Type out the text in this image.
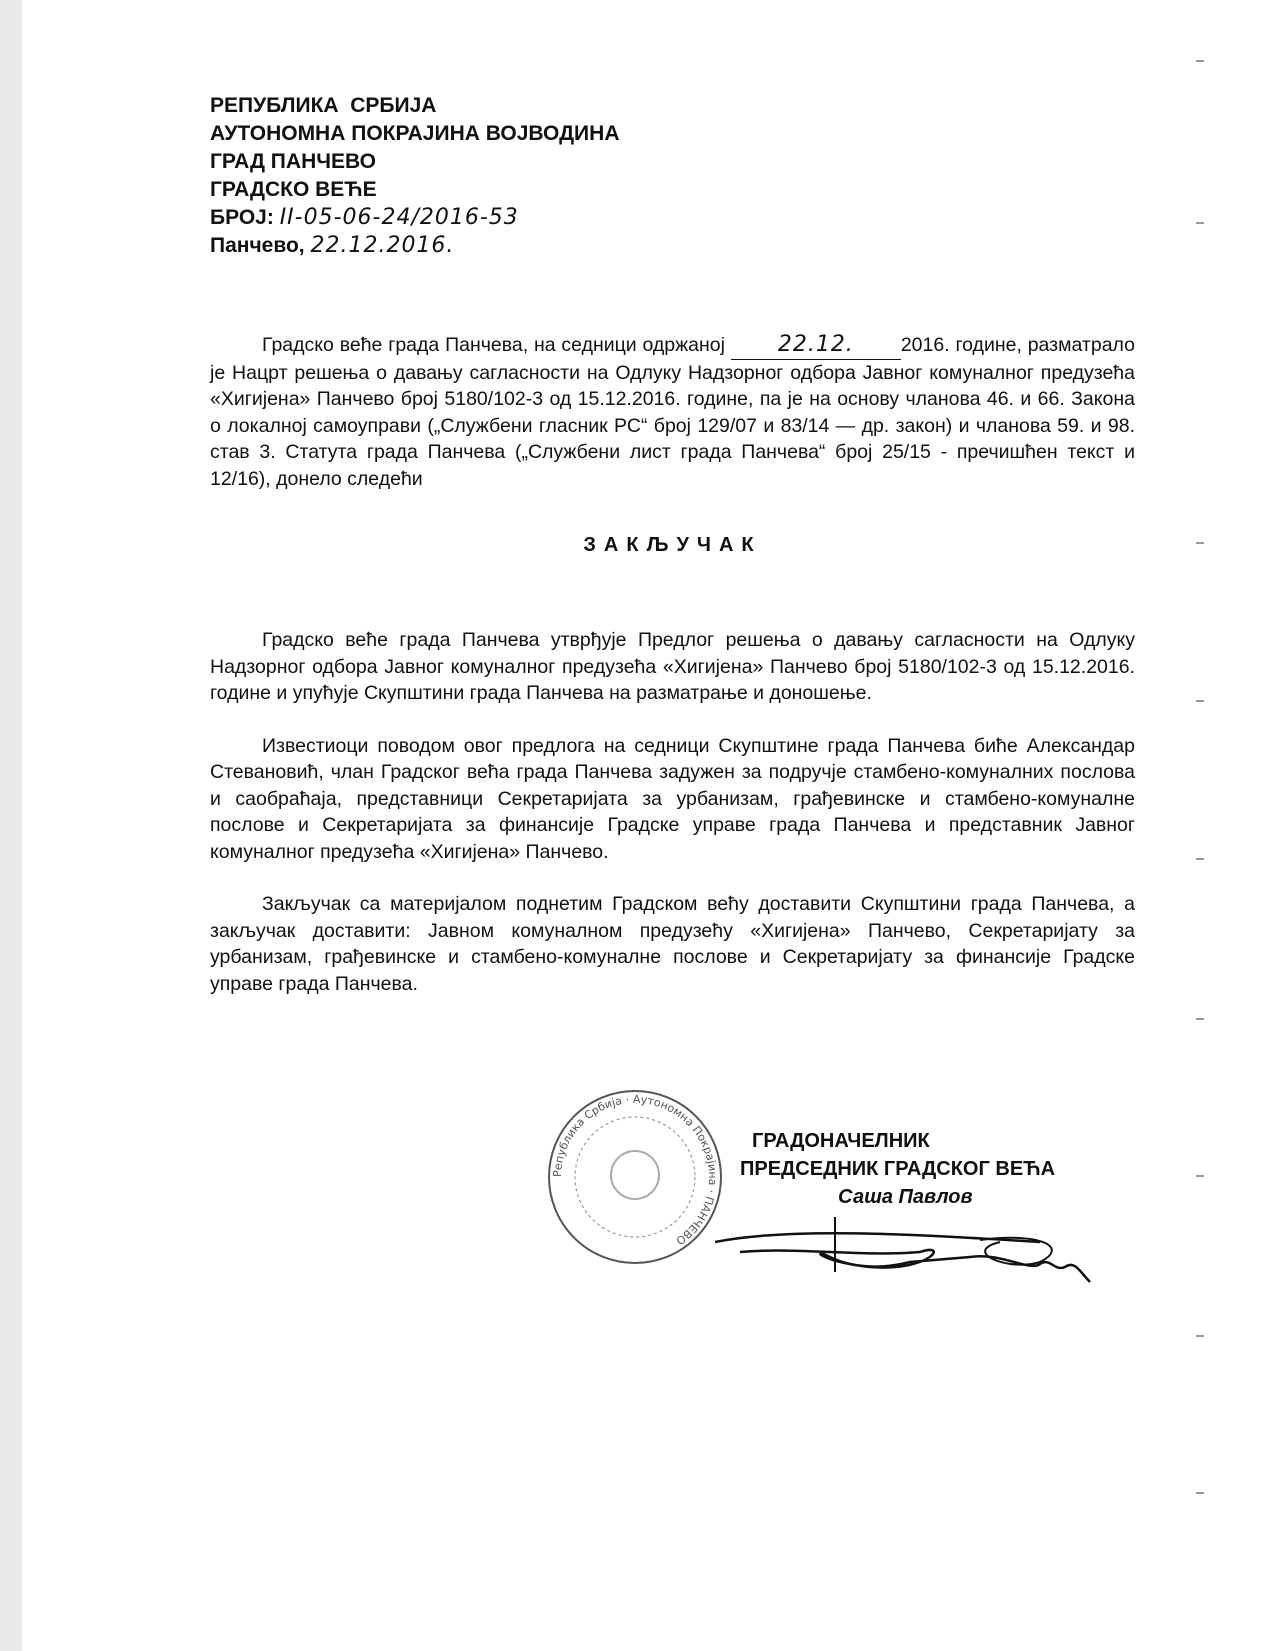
РЕПУБЛИКА  СРБИЈА
АУТОНОМНА ПОКРАЈИНА ВОЈВОДИНА
ГРАД ПАНЧЕВО
ГРАДСКО ВЕЋЕ
БРОЈ: II-05-06-24/2016-53
Панчево, 22.12.2016.
Градско веће града Панчева, на седници одржаној 22.12. 2016. године, разматрало је Нацрт решења о давању сагласности на Одлуку Надзорног одбора Јавног комуналног предузећа «Хигијена» Панчево број 5180/102-3 од 15.12.2016. године, па је на основу чланова 46. и 66. Закона о локалној самоуправи („Службени гласник РС“ број 129/07 и 83/14 — др. закон) и чланова 59. и 98. став 3. Статута града Панчева („Службени лист града Панчева“ број 25/15 - пречишћен текст и 12/16), донело следећи
ЗАКЉУЧАК
Градско веће града Панчева утврђује Предлог решења о давању сагласности на Одлуку Надзорног одбора Јавног комуналног предузећа «Хигијена» Панчево број 5180/102-3 од 15.12.2016. године и упућује Скупштини града Панчева на разматрање и доношење.
Известиоци поводом овог предлога на седници Скупштине града Панчева биће Александар Стевановић, члан Градског већа града Панчева задужен за подручје стамбено-комуналних послова и саобраћаја, представници Секретаријата за урбанизам, грађевинске и стамбено-комуналне послове и Секретаријата за финансије Градске управе града Панчева и представник Јавног комуналног предузећа «Хигијена» Панчево.
Закључак са материјалом поднетим Градском већу доставити Скупштини града Панчева, а закључак доставити: Јавном комуналном предузећу «Хигијена» Панчево, Секретаријату за урбанизам, грађевинске и стамбено-комуналне послове и Секретаријату за финансије Градске управе града Панчева.
Република Србија · Аутономна Покрајина · ПАНЧЕВО
ГРАДОНАЧЕЛНИК
ПРЕДСЕДНИК ГРАДСКОГ ВЕЋА
Саша Павлов
